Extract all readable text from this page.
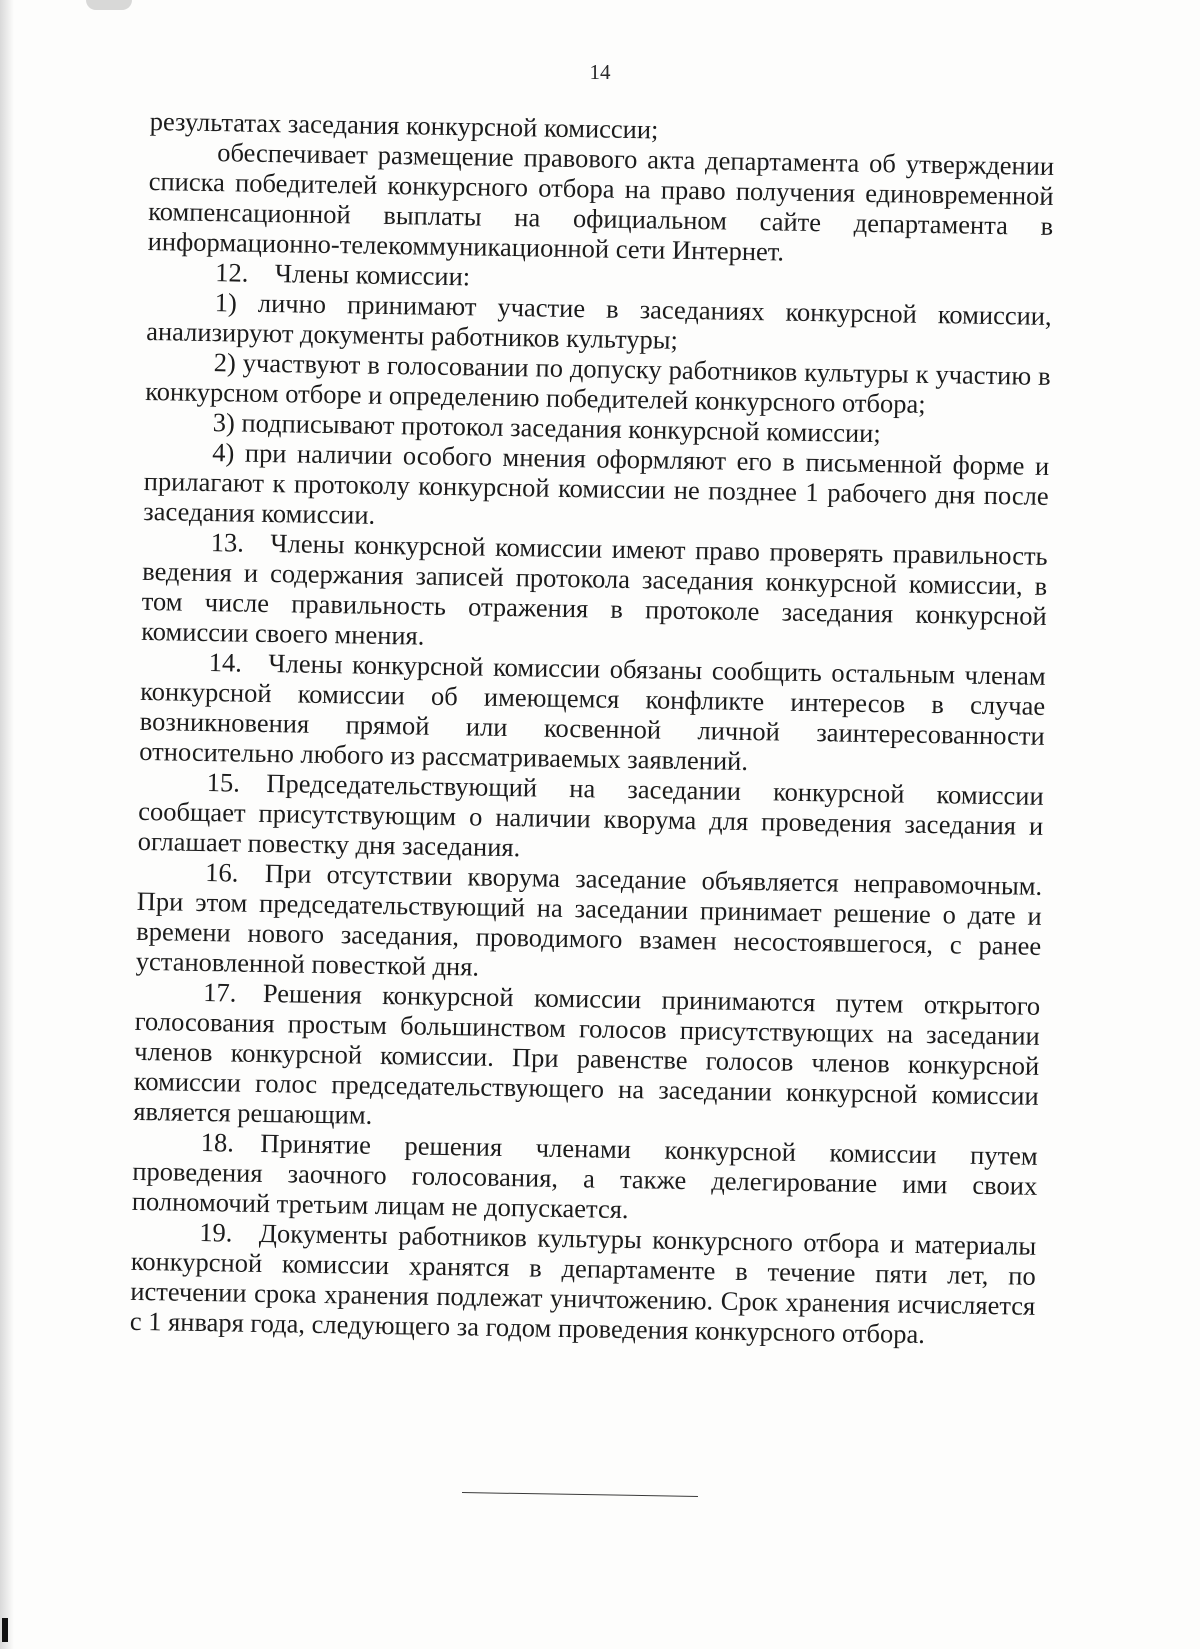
14

результатах заседания конкурсной комиссии;

обеспечивает размещение правового акта департамента об утверждении списка победителей конкурсного отбора на право получения единовременной компенсационной выплаты на официальном сайте департамента в информационно-телекоммуникационной сети Интернет.

12. Члены комиссии:

1) лично принимают участие в заседаниях конкурсной комиссии, анализируют документы работников культуры;

2) участвуют в голосовании по допуску работников культуры к участию в конкурсном отборе и определению победителей конкурсного отбора;

3) подписывают протокол заседания конкурсной комиссии;

4) при наличии особого мнения оформляют его в письменной форме и прилагают к протоколу конкурсной комиссии не позднее 1 рабочего дня после заседания комиссии.

13. Члены конкурсной комиссии имеют право проверять правильность ведения и содержания записей протокола заседания конкурсной комиссии, в том числе правильность отражения в протоколе заседания конкурсной комиссии своего мнения.

14. Члены конкурсной комиссии обязаны сообщить остальным членам конкурсной комиссии об имеющемся конфликте интересов в случае возникновения прямой или косвенной личной заинтересованности относительно любого из рассматриваемых заявлений.

15. Председательствующий на заседании конкурсной комиссии сообщает присутствующим о наличии кворума для проведения заседания и оглашает повестку дня заседания.

16. При отсутствии кворума заседание объявляется неправомочным. При этом председательствующий на заседании принимает решение о дате и времени нового заседания, проводимого взамен несостоявшегося, с ранее установленной повесткой дня.

17. Решения конкурсной комиссии принимаются путем открытого голосования простым большинством голосов присутствующих на заседании членов конкурсной комиссии. При равенстве голосов членов конкурсной комиссии голос председательствующего на заседании конкурсной комиссии является решающим.

18. Принятие решения членами конкурсной комиссии путем проведения заочного голосования, а также делегирование ими своих полномочий третьим лицам не допускается.

19. Документы работников культуры конкурсного отбора и материалы конкурсной комиссии хранятся в департаменте в течение пяти лет, по истечении срока хранения подлежат уничтожению. Срок хранения исчисляется с 1 января года, следующего за годом проведения конкурсного отбора.
